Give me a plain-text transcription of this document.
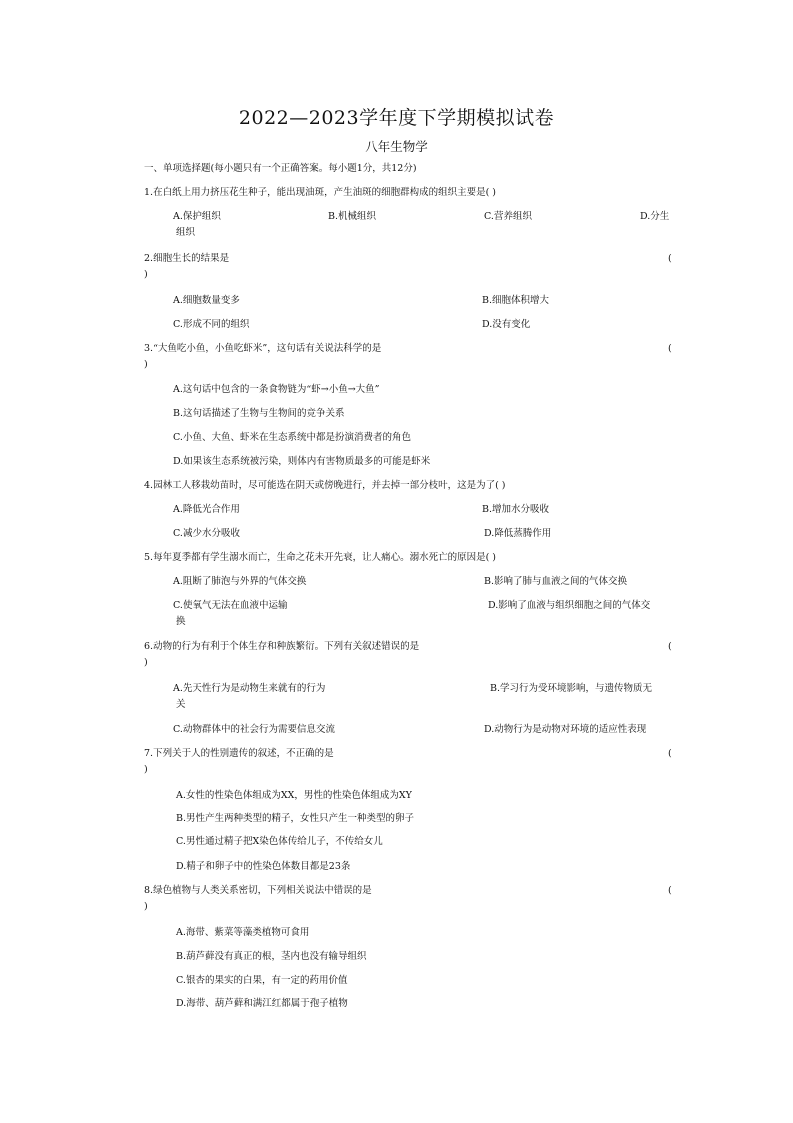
2022—2023学年度下学期模拟试卷
八年生物学
一、单项选择题(每小题只有一个正确答案。每小题1分，共12分)
1.在白纸上用力挤压花生种子，能出现油斑，产生油斑的细胞群构成的组织主要是( )
A.保护组织	B.机械组织	C.营养组织	D.分生
组织
2.细胞生长的结果是	(
)
A.细胞数量变多	B.细胞体积增大
C.形成不同的组织	D.没有变化
3.“大鱼吃小鱼，小鱼吃虾米”，这句话有关说法科学的是	(
)
A.这句话中包含的一条食物链为“虾→小鱼→大鱼”
B.这句话描述了生物与生物间的竞争关系
C.小鱼、大鱼、虾米在生态系统中都是扮演消费者的角色
D.如果该生态系统被污染，则体内有害物质最多的可能是虾米
4.园林工人移栽幼苗时，尽可能选在阴天或傍晚进行，并去掉一部分枝叶，这是为了( )
A.降低光合作用	B.增加水分吸收
C.减少水分吸收	D.降低蒸腾作用
5.每年夏季都有学生溺水而亡，生命之花未开先衰，让人痛心。溺水死亡的原因是( )
A.阻断了肺泡与外界的气体交换	B.影响了肺与血液之间的气体交换
C.使氧气无法在血液中运输	D.影响了血液与组织细胞之间的气体交
换
6.动物的行为有利于个体生存和种族繁衍。下列有关叙述错误的是	(
)
A.先天性行为是动物生来就有的行为	B.学习行为受环境影响，与遗传物质无
关
C.动物群体中的社会行为需要信息交流	D.动物行为是动物对环境的适应性表现
7.下列关于人的性别遗传的叙述，不正确的是	(
)
A.女性的性染色体组成为XX，男性的性染色体组成为XY
B.男性产生两种类型的精子，女性只产生一种类型的卵子
C.男性通过精子把X染色体传给儿子，不传给女儿
D.精子和卵子中的性染色体数目都是23条
8.绿色植物与人类关系密切，下列相关说法中错误的是	(
)
A.海带、紫菜等藻类植物可食用
B.葫芦藓没有真正的根，茎内也没有输导组织
C.银杏的果实的白果，有一定的药用价值
D.海带、葫芦藓和满江红都属于孢子植物
